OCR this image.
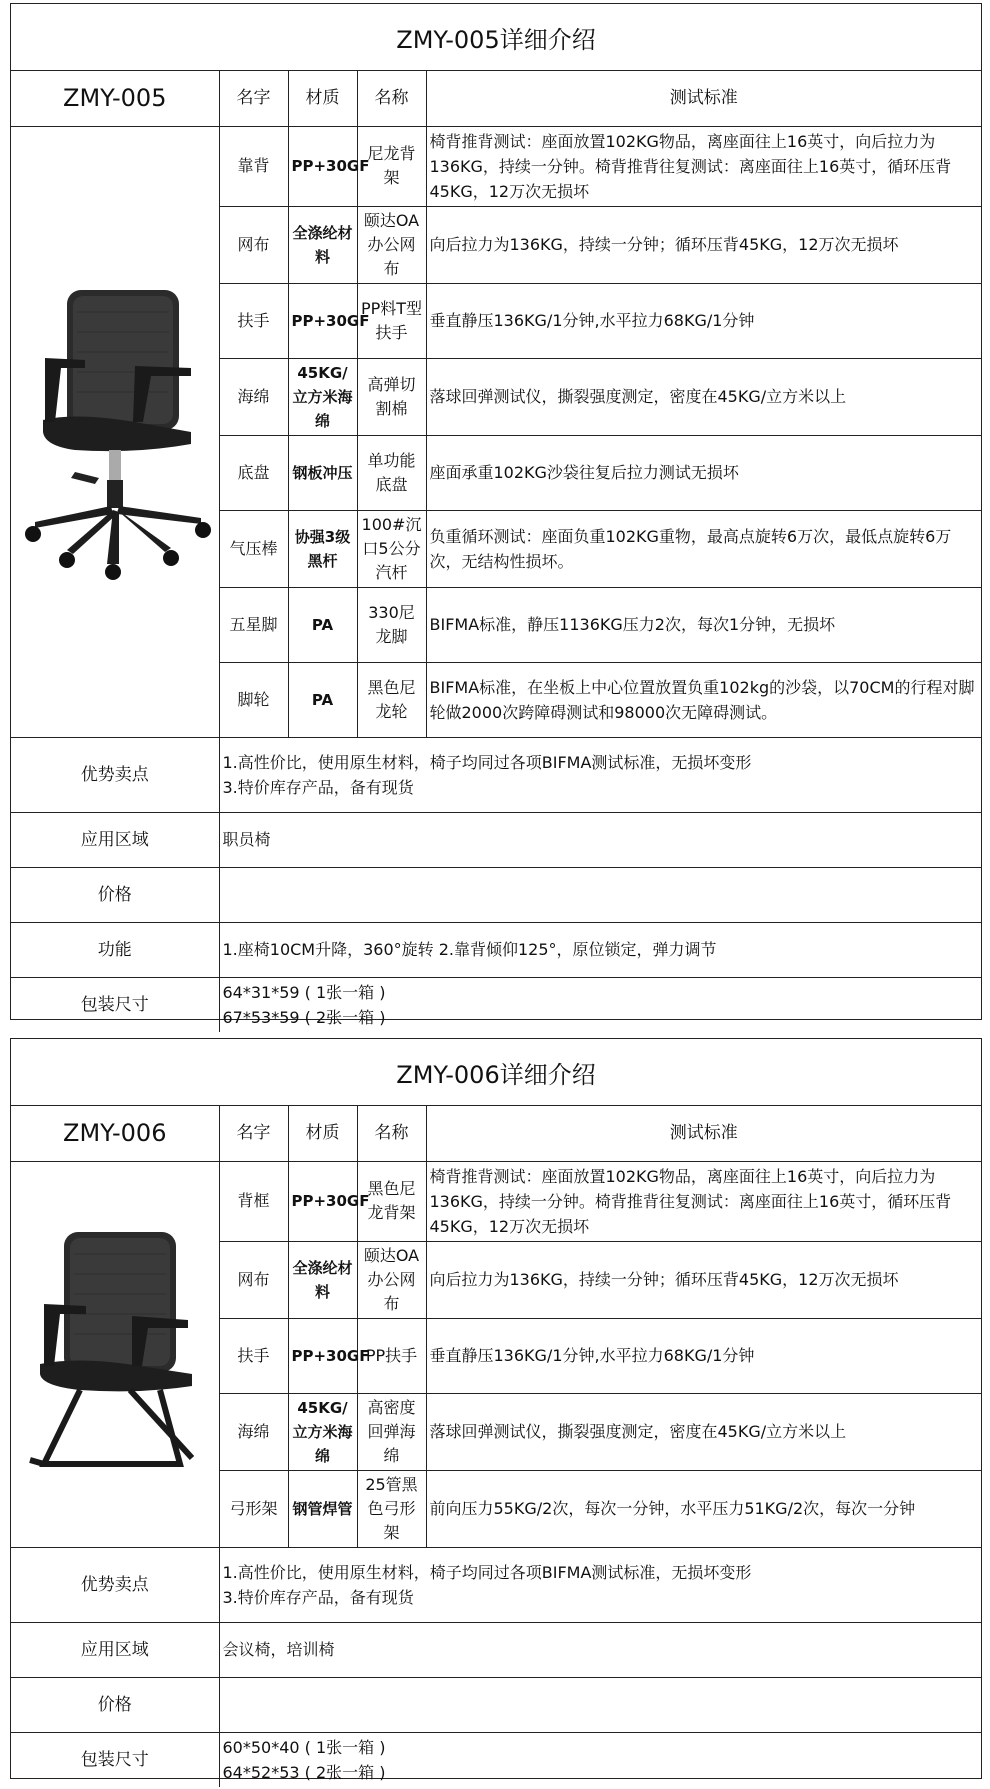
ZMY-005详细介绍
ZMY-005	名字	材质	名称	测试标准

	靠背	PP+30GF	尼龙背架	椅背推背测试：座面放置102KG物品，离座面往上16英寸，向后拉力为136KG，持续一分钟。椅背推背往复测试：离座面往上16英寸，循环压背45KG，12万次无损坏
	网布	全涤纶材料	颐达OA办公网布	向后拉力为136KG，持续一分钟；循环压背45KG，12万次无损坏
	扶手	PP+30GF	PP料T型扶手	垂直静压136KG/1分钟,水平拉力68KG/1分钟
	海绵	45KG/立方米海绵	高弹切割棉	落球回弹测试仪，撕裂强度测定，密度在45KG/立方米以上
	底盘	钢板冲压	单功能底盘	座面承重102KG沙袋往复后拉力测试无损坏
	气压棒	协强3级黑杆	100#沉口5公分汽杆	负重循环测试：座面负重102KG重物，最高点旋转6万次，最低点旋转6万次，无结构性损坏。
	五星脚	PA	330尼龙脚	BIFMA标准，静压1136KG压力2次，每次1分钟，无损坏
	脚轮	PA	黑色尼龙轮	BIFMA标准，在坐板上中心位置放置负重102kg的沙袋，以70CM的行程对脚轮做2000次跨障碍测试和98000次无障碍测试。
优势卖点	1.高性价比，使用原生材料，椅子均同过各项BIFMA测试标准，无损坏变形
3.特价库存产品，备有现货			

应用区域	职员椅			
价格				
功能	1.座椅10CM升降，360°旋转 2.靠背倾仰125°，原位锁定，弹力调节			
包装尺寸	64*31*59 ( 1张一箱 )
67*53*59 ( 2张一箱 )			
ZMY-006详细介绍
ZMY-006	名字	材质	名称	测试标准

	背框	PP+30GF	黑色尼龙背架	椅背推背测试：座面放置102KG物品，离座面往上16英寸，向后拉力为136KG，持续一分钟。椅背推背往复测试：离座面往上16英寸，循环压背45KG，12万次无损坏
	网布	全涤纶材料	颐达OA办公网布	向后拉力为136KG，持续一分钟；循环压背45KG，12万次无损坏
	扶手	PP+30GF	PP扶手	垂直静压136KG/1分钟,水平拉力68KG/1分钟
	海绵	45KG/立方米海绵	高密度回弹海绵	落球回弹测试仪，撕裂强度测定，密度在45KG/立方米以上
	弓形架	钢管焊管	25管黑色弓形架	前向压力55KG/2次，每次一分钟，水平压力51KG/2次，每次一分钟
优势卖点	1.高性价比，使用原生材料，椅子均同过各项BIFMA测试标准，无损坏变形
3.特价库存产品，备有现货			

应用区域	会议椅，培训椅			
价格				
包装尺寸	60*50*40 ( 1张一箱 )
64*52*53 ( 2张一箱 )			
